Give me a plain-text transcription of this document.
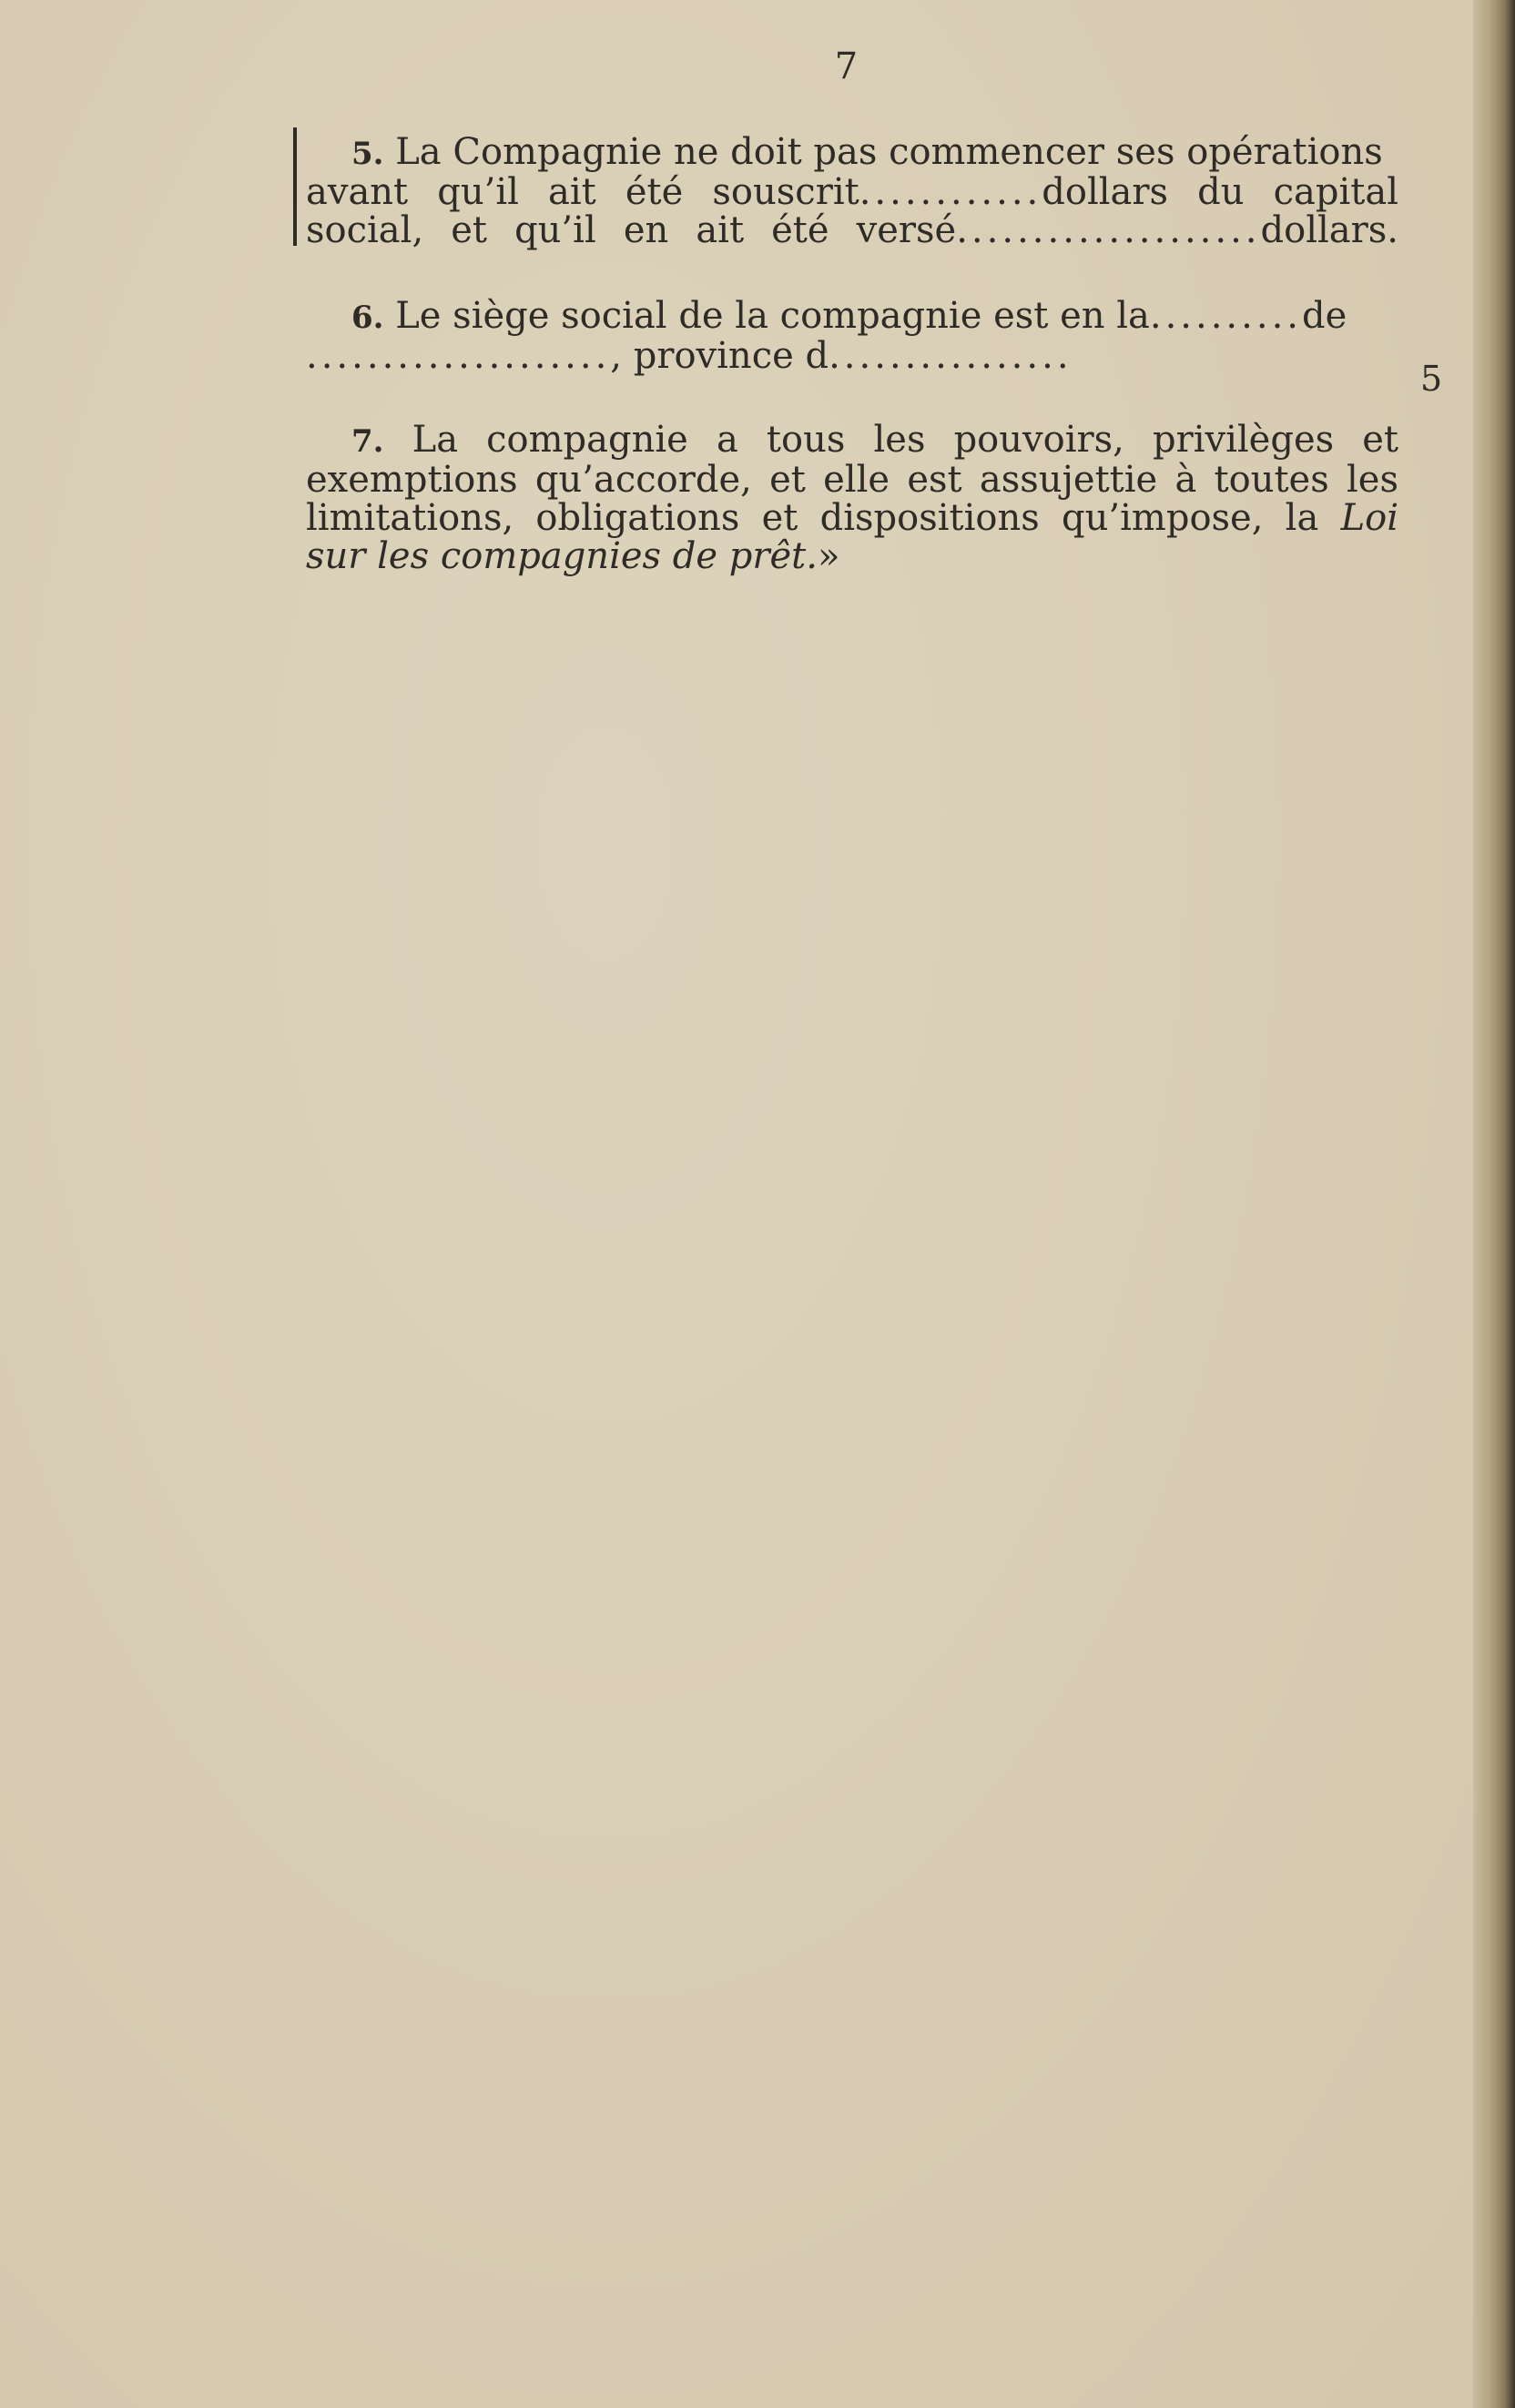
7
5. La Compagnie ne doit pas commencer ses opérations
avant qu’il ait été souscrit............dollars du capital
social, et qu’il en ait été versé....................dollars.
6. Le siège social de la compagnie est en la..........de
...................., province d................
5
7. La compagnie a tous les pouvoirs, privilèges et
exemptions qu’accorde, et elle est assujettie à toutes les
limitations, obligations et dispositions qu’impose, la Loi
sur les compagnies de prêt.»
